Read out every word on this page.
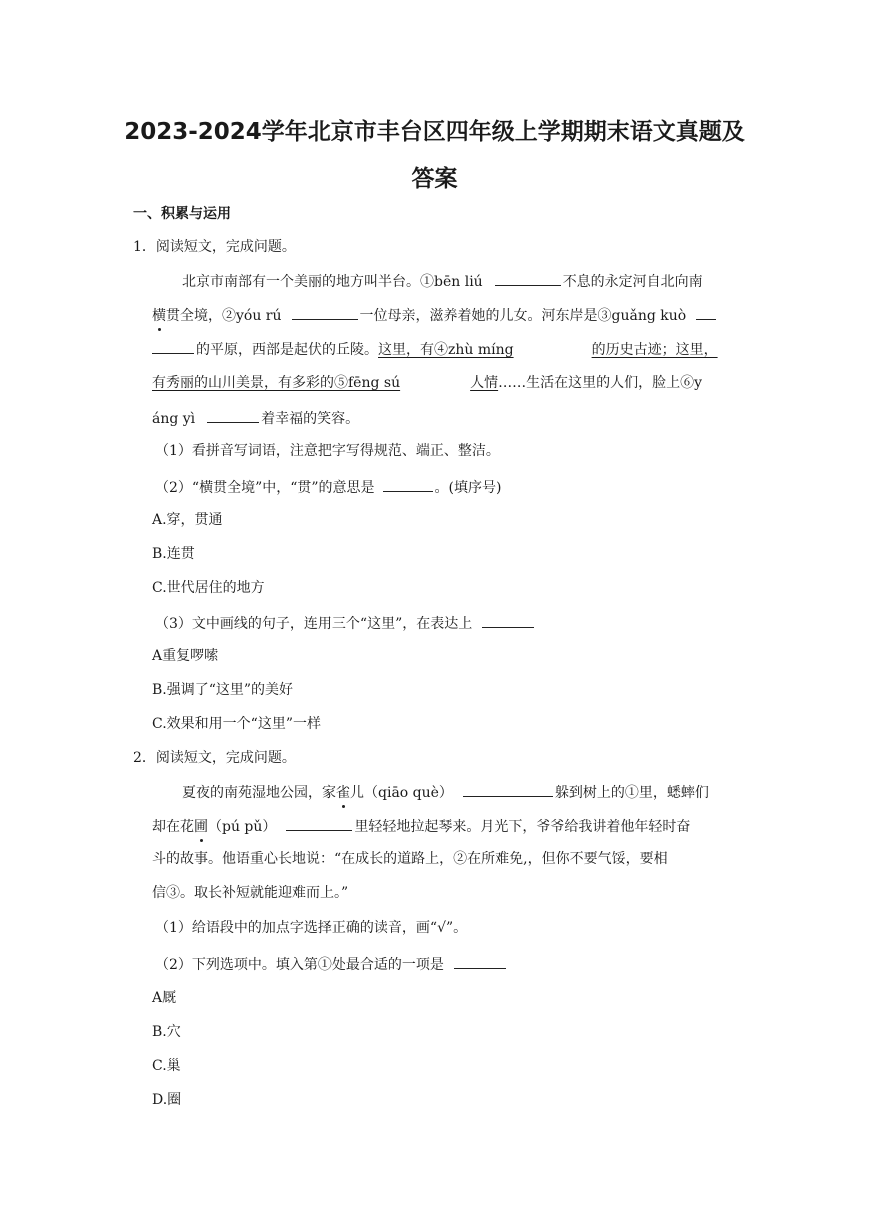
2023-2024学年北京市丰台区四年级上学期期末语文真题及
答案
一、积累与运用
1．阅读短文，完成问题。
北京市南部有一个美丽的地方叫半台。①bēn liú	不息的永定河自北向南
横贯全境，②yóu rú	一位母亲，滋养着她的儿女。河东岸是③guǎng kuò
的平原，西部是起伏的丘陵。这里，有④zhù míng	的历史古迹；这里，
有秀丽的山川美景，有多彩的⑤fēng sú	人情……生活在这里的人们，脸上⑥y
áng yì	着幸福的笑容。
（1）看拼音写词语，注意把字写得规范、端正、整洁。
（2）“横贯全境”中，“贯”的意思是	。(填序号)
A.穿，贯通
B.连贯
C.世代居住的地方
（3）文中画线的句子，连用三个“这里”，在表达上
A重复啰嗦
B.强调了“这里”的美好
C.效果和用一个“这里”一样
2．阅读短文，完成问题。
夏夜的南苑湿地公园，家雀儿（qiāo què）	躲到树上的①里，蟋蟀们
却在花圃（pú pǔ）	里轻轻地拉起琴来。月光下，爷爷给我讲着他年轻时奋
斗的故事。他语重心长地说：“在成长的道路上，②在所难免,，但你不要气馁，要相
信③。取长补短就能迎难而上。”
（1）给语段中的加点字选择正确的读音，画“√”。
（2）下列选项中。填入第①处最合适的一项是
A厩
B.穴
C.巢
D.圈
